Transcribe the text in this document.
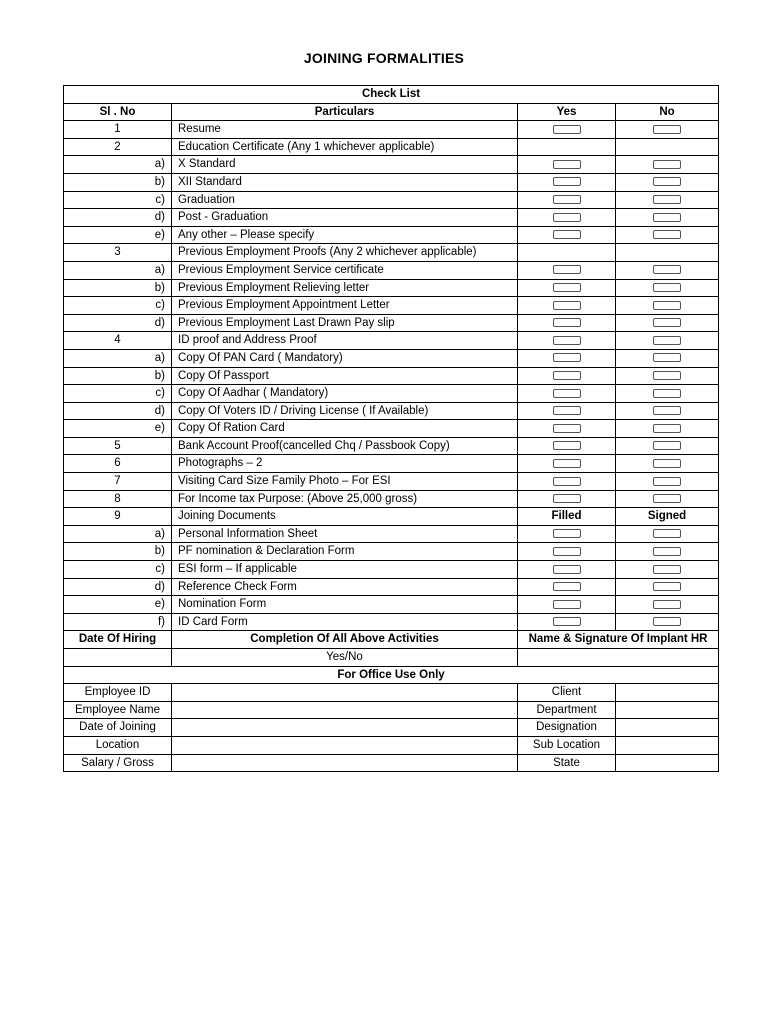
JOINING FORMALITIES
Check List			
Sl . No	Particulars	Yes	No
1	Resume		
2	Education Certificate (Any 1 whichever applicable)		
a)	X Standard		
b)	XII Standard		
c)	Graduation		
d)	Post - Graduation		
e)	Any other – Please specify		
3	Previous Employment Proofs (Any 2 whichever applicable)		
a)	Previous Employment Service certificate		
b)	Previous Employment Relieving letter		
c)	Previous Employment Appointment Letter		
d)	Previous Employment Last Drawn Pay slip		
4	ID proof and Address Proof		
a)	Copy Of PAN Card ( Mandatory)		
b)	Copy Of Passport		
c)	Copy Of Aadhar ( Mandatory)		
d)	Copy Of Voters ID / Driving License ( If Available)		
e)	Copy Of Ration Card		
5	Bank Account Proof(cancelled Chq / Passbook Copy)		
6	Photographs – 2		
7	Visiting Card Size Family Photo – For ESI		
8	For Income tax Purpose: (Above 25,000 gross)		
9	Joining Documents	Filled	Signed
a)	Personal Information Sheet		
b)	PF nomination & Declaration Form		
c)	ESI form – If applicable		
d)	Reference Check Form		
e)	Nomination Form		
f)	ID Card Form		
Date Of Hiring	Completion Of All Above Activities	Name & Signature Of Implant HR	
	Yes/No		
For Office Use Only			
Employee ID		Client	
Employee Name		Department	
Date of Joining		Designation	
Location		Sub Location	
Salary / Gross		State	
